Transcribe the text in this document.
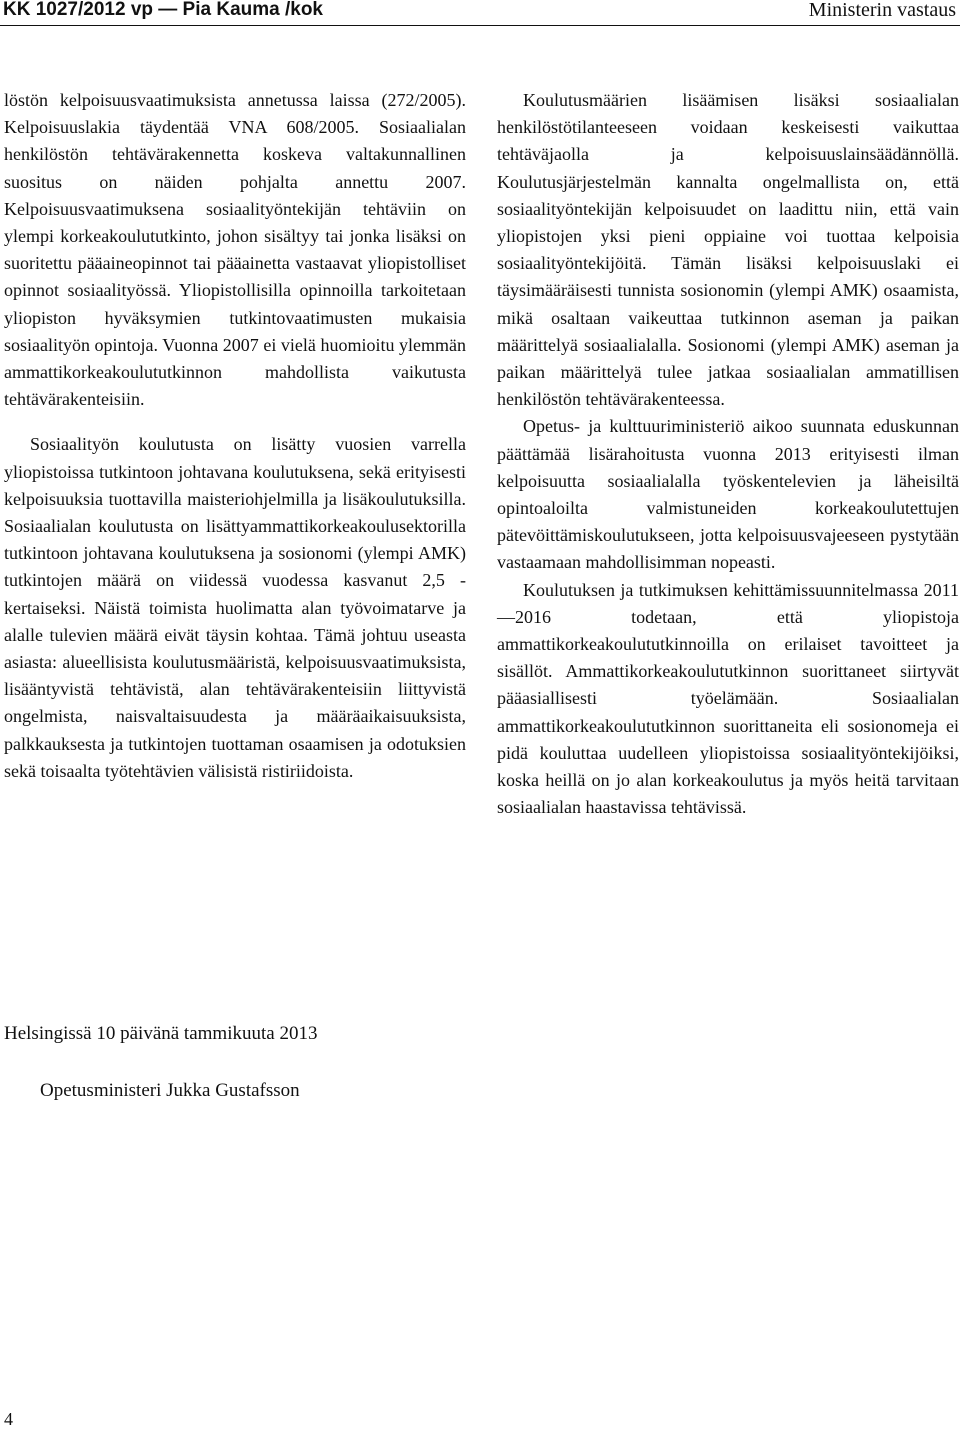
KK 1027/2012 vp — Pia Kauma /kok	Ministerin vastaus

löstön kelpoisuusvaatimuksista annetussa laissa (272/2005). Kelpoisuuslakia täydentää VNA 608/2005. Sosiaalialan henkilöstön tehtävärakennetta koskeva valtakunnallinen suositus on näiden pohjalta annettu 2007. Kelpoisuusvaatimuksena sosiaalityöntekijän tehtäviin on ylempi korkeakoulututkinto, johon sisältyy tai jonka lisäksi on suoritettu pääaineopinnot tai pääainetta vastaavat yliopistolliset opinnot sosiaalityössä. Yliopistollisilla opinnoilla tarkoitetaan yliopiston hyväksymien tutkintovaatimusten mukaisia sosiaalityön opintoja. Vuonna 2007 ei vielä huomioitu ylemmän ammattikorkeakoulututkinnon mahdollista vaikutusta tehtävärakenteisiin.

Sosiaalityön koulutusta on lisätty vuosien varrella yliopistoissa tutkintoon johtavana koulutuksena, sekä erityisesti kelpoisuuksia tuottavilla maisteriohjelmilla ja lisäkoulutuksilla. Sosiaalialan koulutusta on lisättyammattikorkeakoulusektorilla tutkintoon johtavana koulutuksena ja sosionomi (ylempi AMK) tutkintojen määrä on viidessä vuodessa kasvanut 2,5 -kertaiseksi. Näistä toimista huolimatta alan työvoimatarve ja alalle tulevien määrä eivät täysin kohtaa. Tämä johtuu useasta asiasta: alueellisista koulutusmääristä, kelpoisuusvaatimuksista, lisääntyvistä tehtävistä, alan tehtävärakenteisiin liittyvistä ongelmista, naisvaltaisuudesta ja määräaikaisuuksista, palkkauksesta ja tutkintojen tuottaman osaamisen ja odotuksien sekä toisaalta työtehtävien välisistä ristiriidoista.

Koulutusmäärien lisäämisen lisäksi sosiaalialan henkilöstötilanteeseen voidaan keskeisesti vaikuttaa tehtäväjaolla ja kelpoisuuslainsäädännöllä. Koulutusjärjestelmän kannalta ongelmallista on, että sosiaalityöntekijän kelpoisuudet on laadittu niin, että vain yliopistojen yksi pieni oppiaine voi tuottaa kelpoisia sosiaalityöntekijöitä. Tämän lisäksi kelpoisuuslaki ei täysimääräisesti tunnista sosionomin (ylempi AMK) osaamista, mikä osaltaan vaikeuttaa tutkinnon aseman ja paikan määrittelyä sosiaalialalla. Sosionomi (ylempi AMK) aseman ja paikan määrittelyä tulee jatkaa sosiaalialan ammatillisen henkilöstön tehtävärakenteessa.

Opetus- ja kulttuuriministeriö aikoo suunnata eduskunnan päättämää lisärahoitusta vuonna 2013 erityisesti ilman kelpoisuutta sosiaalialalla työskentelevien ja läheisiltä opintoaloilta valmistuneiden korkeakoulutettujen pätevöittämiskoulutukseen, jotta kelpoisuusvajeeseen pystytään vastaamaan mahdollisimman nopeasti.

Koulutuksen ja tutkimuksen kehittämissuunnitelmassa 2011—2016 todetaan, että yliopistoja ammattikorkeakoulututkinnoilla on erilaiset tavoitteet ja sisällöt. Ammattikorkeakoulututkinnon suorittaneet siirtyvät pääasiallisesti työelämään. Sosiaalialan ammattikorkeakoulututkinnon suorittaneita eli sosionomeja ei pidä kouluttaa uudelleen yliopistoissa sosiaalityöntekijöiksi, koska heillä on jo alan korkeakoulutus ja myös heitä tarvitaan sosiaalialan haastavissa tehtävissä.

Helsingissä 10 päivänä tammikuuta 2013
Opetusministeri Jukka Gustafsson
4
